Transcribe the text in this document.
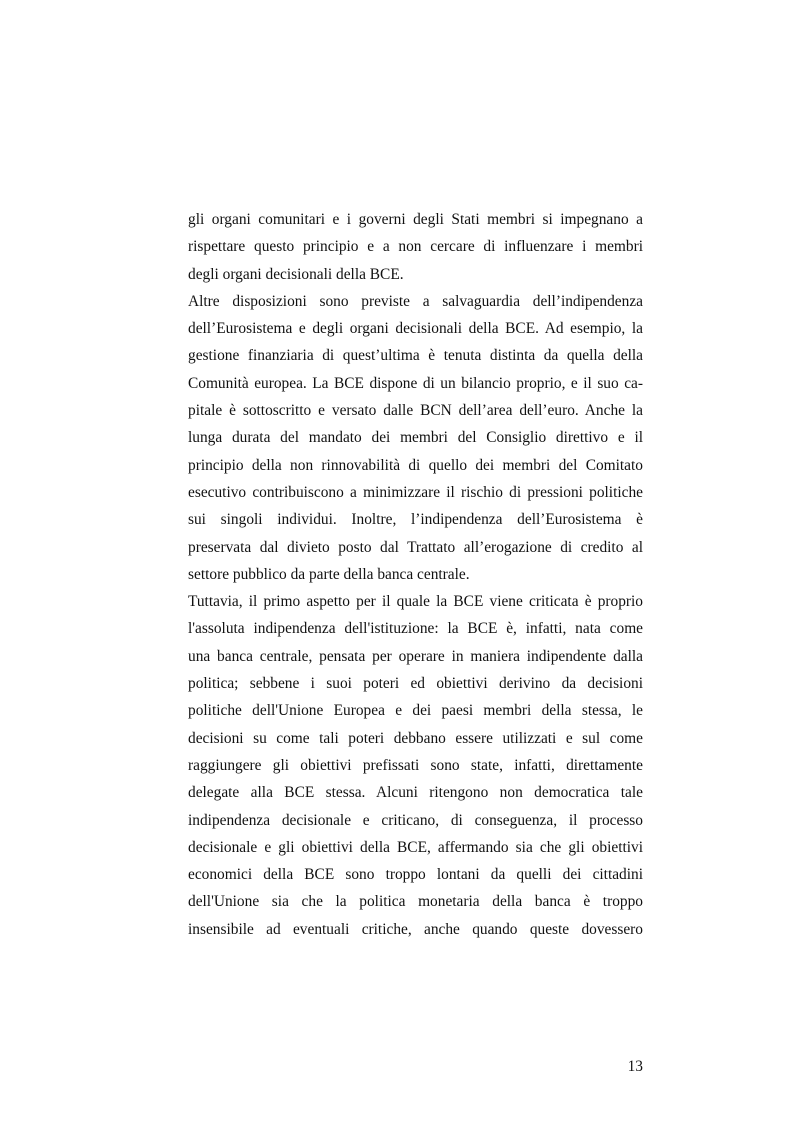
gli organi comunitari e i governi degli Stati membri si impegnano a
rispettare questo principio e a non cercare di influenzare i membri
degli organi decisionali della BCE.
Altre disposizioni sono previste a salvaguardia dell’indipendenza
dell’Eurosistema e degli organi decisionali della BCE. Ad esempio, la
gestione finanziaria di quest’ultima è tenuta distinta da quella della
Comunità europea. La BCE dispone di un bilancio proprio, e il suo ca-
pitale è sottoscritto e versato dalle BCN dell’area dell’euro. Anche la
lunga durata del mandato dei membri del Consiglio direttivo e il
principio della non rinnovabilità di quello dei membri del Comitato
esecutivo contribuiscono a minimizzare il rischio di pressioni politiche
sui singoli individui. Inoltre, l’indipendenza dell’Eurosistema è
preservata dal divieto posto dal Trattato all’erogazione di credito al
settore pubblico da parte della banca centrale.
Tuttavia, il primo aspetto per il quale la BCE viene criticata è proprio
l'assoluta indipendenza dell'istituzione: la BCE è, infatti, nata come
una banca centrale, pensata per operare in maniera indipendente dalla
politica; sebbene i suoi poteri ed obiettivi derivino da decisioni
politiche dell'Unione Europea e dei paesi membri della stessa, le
decisioni su come tali poteri debbano essere utilizzati e sul come
raggiungere gli obiettivi prefissati sono state, infatti, direttamente
delegate alla BCE stessa. Alcuni ritengono non democratica tale
indipendenza decisionale e criticano, di conseguenza, il processo
decisionale e gli obiettivi della BCE, affermando sia che gli obiettivi
economici della BCE sono troppo lontani da quelli dei cittadini
dell'Unione sia che la politica monetaria della banca è troppo
insensibile ad eventuali critiche, anche quando queste dovessero
13
